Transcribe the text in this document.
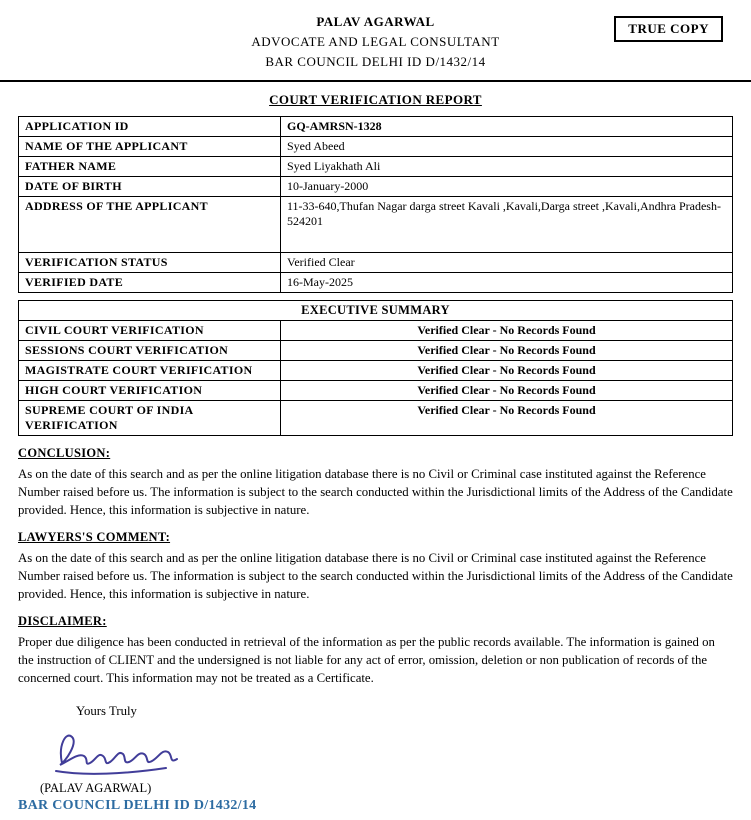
TRUE COPY
PALAV AGARWAL
ADVOCATE AND LEGAL CONSULTANT
BAR COUNCIL DELHI ID D/1432/14
COURT VERIFICATION REPORT
APPLICATION ID	GQ-AMRSN-1328
NAME OF THE APPLICANT	Syed Abeed
FATHER NAME	Syed Liyakhath Ali
DATE OF BIRTH	10-January-2000
ADDRESS OF THE APPLICANT	11-33-640,Thufan Nagar darga street Kavali ,Kavali,Darga street ,Kavali,Andhra Pradesh-524201
VERIFICATION STATUS	Verified Clear
VERIFIED DATE	16-May-2025
EXECUTIVE SUMMARY	
CIVIL COURT VERIFICATION	Verified Clear - No Records Found
SESSIONS COURT VERIFICATION	Verified Clear - No Records Found
MAGISTRATE COURT VERIFICATION	Verified Clear - No Records Found
HIGH COURT VERIFICATION	Verified Clear - No Records Found
SUPREME COURT OF INDIA VERIFICATION	Verified Clear - No Records Found
CONCLUSION:
As on the date of this search and as per the online litigation database there is no Civil or Criminal case instituted against the Reference Number raised before us. The information is subject to the search conducted within the Jurisdictional limits of the Address of the Candidate provided. Hence, this information is subjective in nature.
LAWYERS'S COMMENT:
As on the date of this search and as per the online litigation database there is no Civil or Criminal case instituted against the Reference Number raised before us. The information is subject to the search conducted within the Jurisdictional limits of the Address of the Candidate provided. Hence, this information is subjective in nature.
DISCLAIMER:
Proper due diligence has been conducted in retrieval of the information as per the public records available. The information is gained on the instruction of CLIENT and the undersigned is not liable for any act of error, omission, deletion or non publication of records of the concerned court. This information may not be treated as a Certificate.
Yours Truly
(PALAV AGARWAL)
BAR COUNCIL DELHI ID D/1432/14
